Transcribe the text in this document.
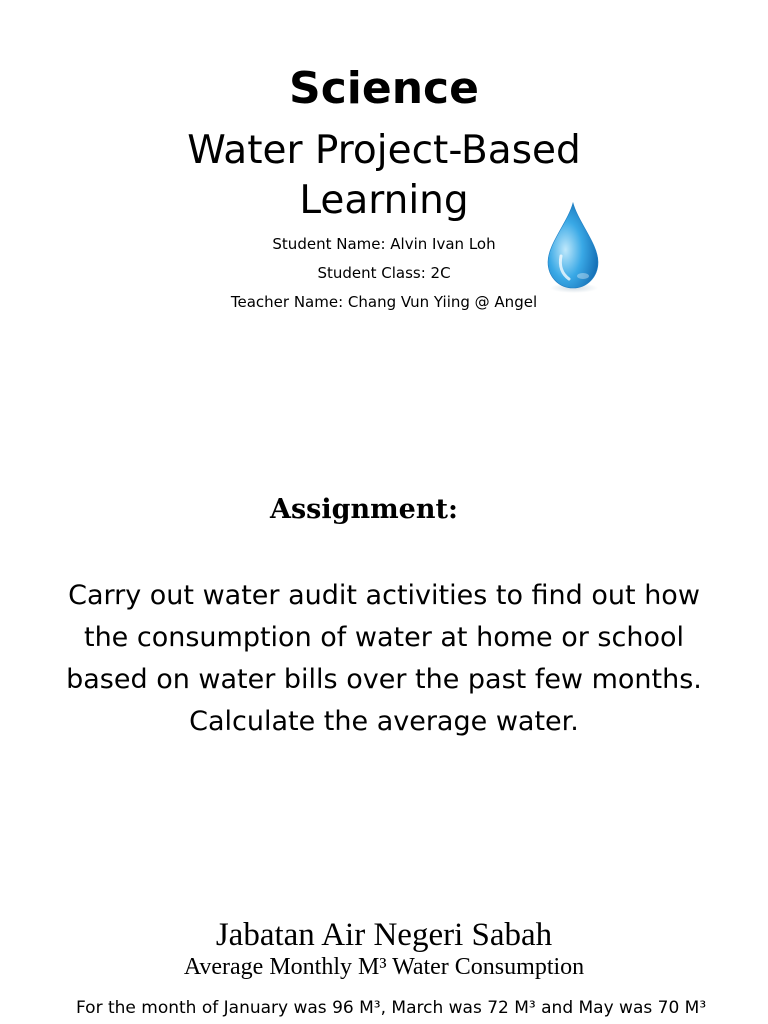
Science
Water Project-Based
Learning
Student Name: Alvin Ivan Loh
Student Class: 2C
Teacher Name: Chang Vun Yiing @ Angel
Assignment:
Carry out water audit activities to find out how the consumption of water at home or school based on water bills over the past few months. Calculate the average water.
Jabatan Air Negeri Sabah
Average Monthly M³ Water Consumption
For the month of January was 96 M³, March was 72 M³ and May was 70 M³
